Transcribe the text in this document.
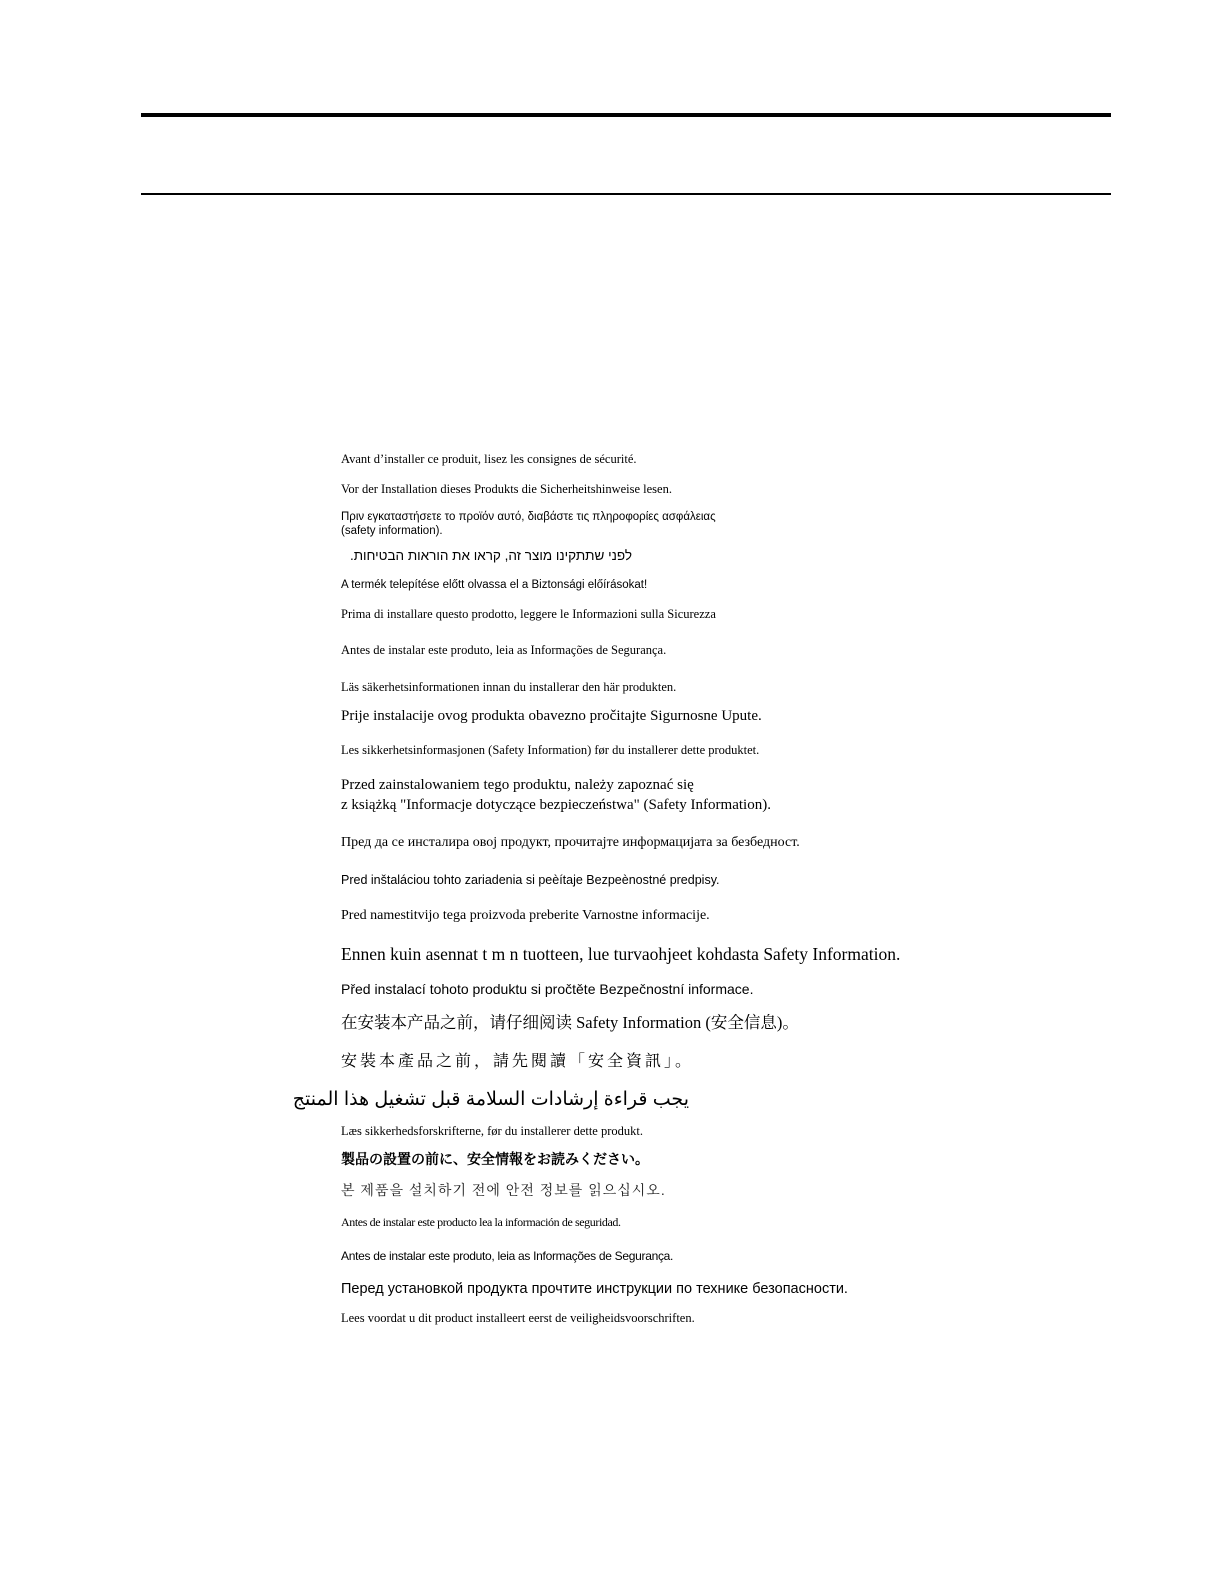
Avant d’installer ce produit, lisez les consignes de sécurité.
Vor der Installation dieses Produkts die Sicherheitshinweise lesen.
Πριν εγκαταστήσετε το προϊόν αυτό, διαβάστε τις πληροφορίες ασφάλειας
(safety information).
לפני שתתקינו מוצר זה, קראו את הוראות הבטיחות.
A termék telepítése előtt olvassa el a Biztonsági előírásokat!
Prima di installare questo prodotto, leggere le Informazioni sulla Sicurezza
Antes de instalar este produto, leia as Informações de Segurança.
Läs säkerhetsinformationen innan du installerar den här produkten.
Prije instalacije ovog produkta obavezno pročitajte Sigurnosne Upute.
Les sikkerhetsinformasjonen (Safety Information) før du installerer dette produktet.
Przed zainstalowaniem tego produktu, należy zapoznać się
z książką "Informacje dotyczące bezpieczeństwa" (Safety Information).
Пред да се инсталира овој продукт, прочитајте информацијата за безбедност.
Pred inštaláciou tohto zariadenia si peèítaje Bezpeènostné predpisy.
Pred namestitvijo tega proizvoda preberite Varnostne informacije.
Ennen kuin asennat t m n tuotteen, lue turvaohjeet kohdasta Safety Information.
Před instalací tohoto produktu si pročtěte Bezpečnostní informace.
在安装本产品之前，请仔细阅读 Safety Information (安全信息)。
安裝本產品之前，請先閱讀「安全資訊」。
يجب قراءة إرشادات السلامة قبل تشغيل هذا المنتج
Læs sikkerhedsforskrifterne, før du installerer dette produkt.
製品の設置の前に、安全情報をお読みください。
본 제품을 설치하기 전에 안전 정보를 읽으십시오.
Antes de instalar este producto lea la información de seguridad.
Antes de instalar este produto, leia as Informações de Segurança.
Перед установкой продукта прочтите инструкции по технике безопасности.
Lees voordat u dit product installeert eerst de veiligheidsvoorschriften.
